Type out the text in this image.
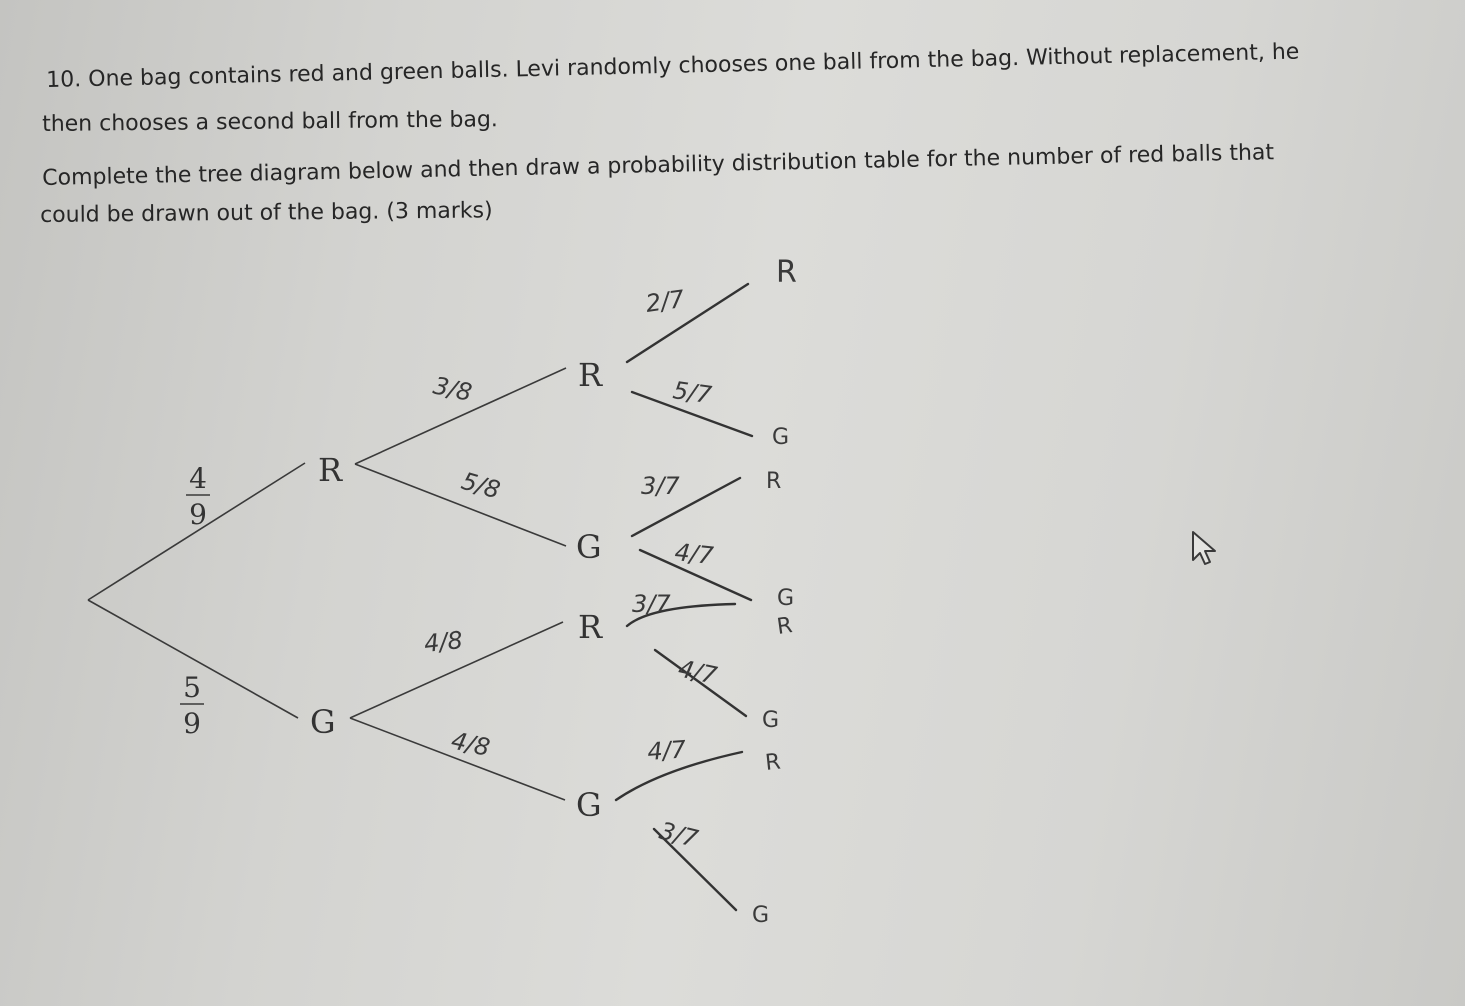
10. One bag contains red and green balls. Levi randomly chooses one ball from the bag. Without replacement, he

then chooses a second ball from the bag.

Complete the tree diagram below and then draw a probability distribution table for the number of red balls that

could be drawn out of the bag. (3 marks)

4
9
5
9
R
G
R
G
R
G
3/8
5/8
4/8
4/8
2/7
5/7
3/7
4/7
3/7
4/7
4/7
3/7
R
G
R
G
R
G
R
G
